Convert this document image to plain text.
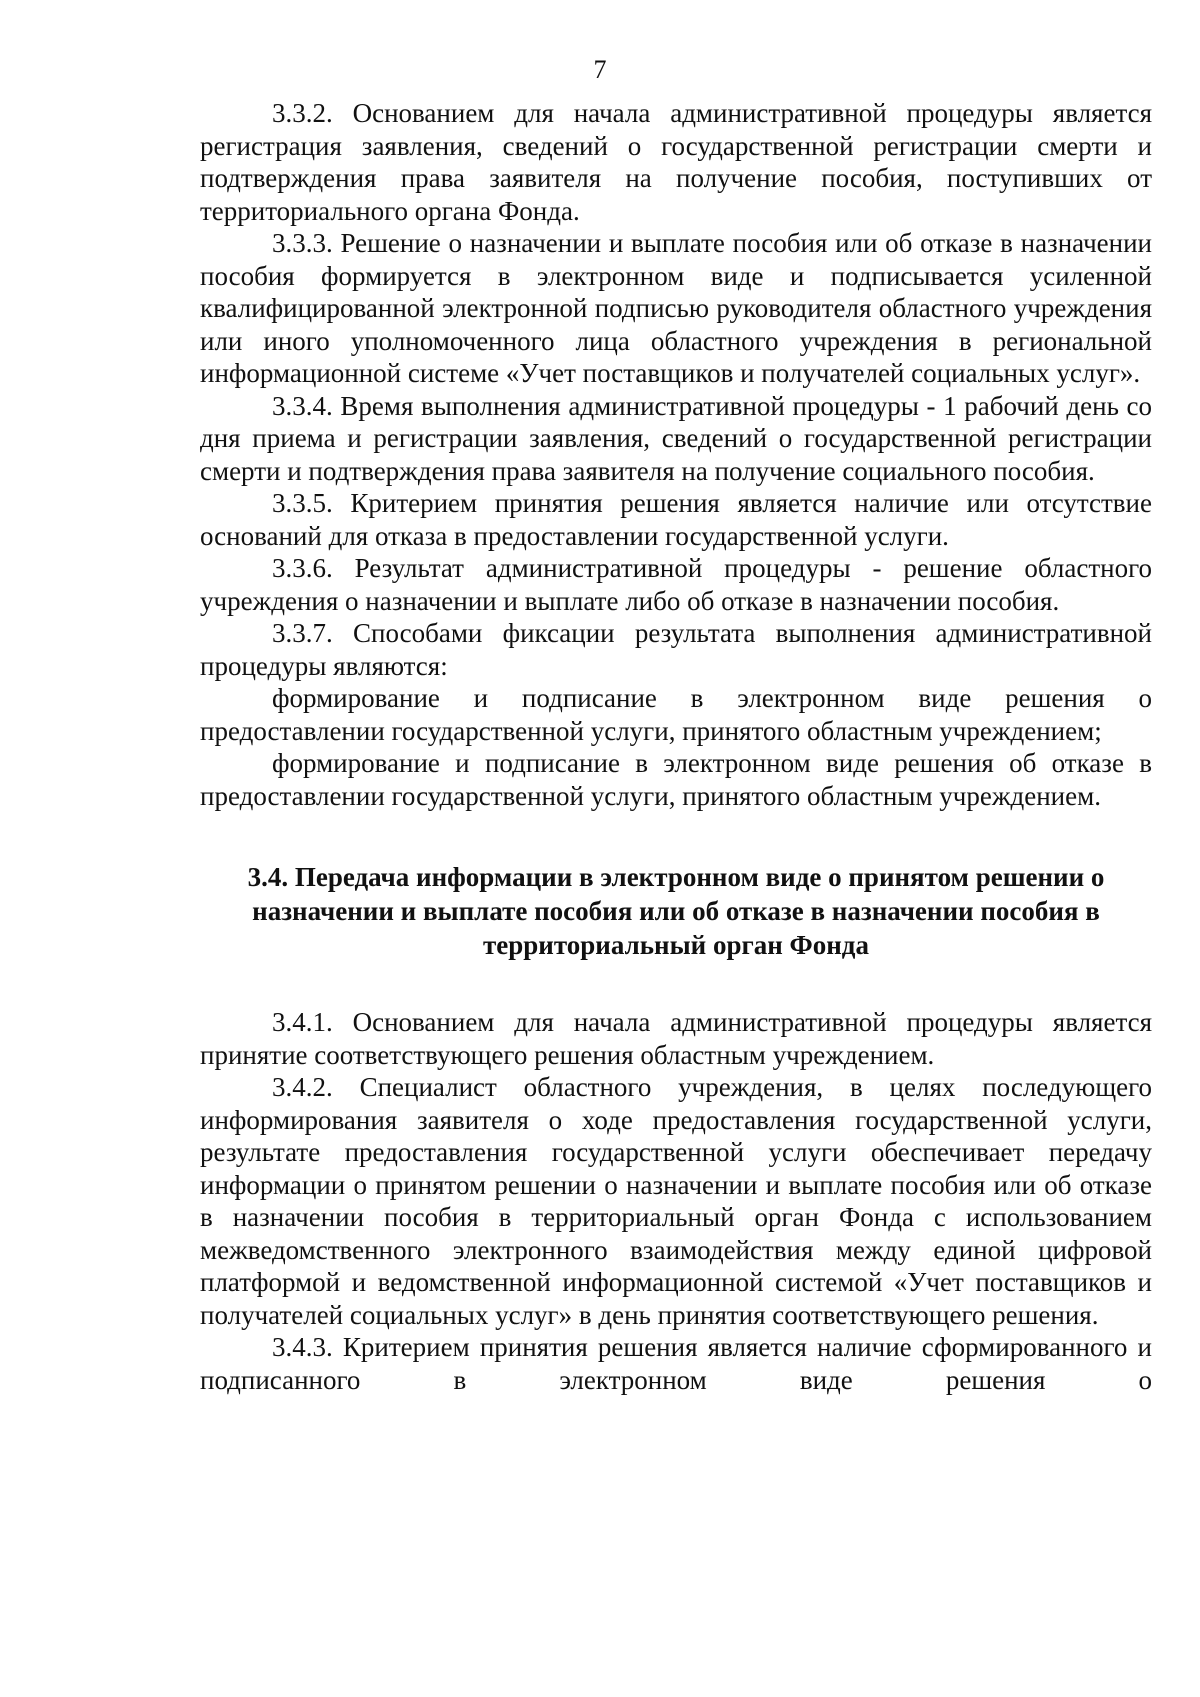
7

3.3.2. Основанием для начала административной процедуры является регистрация заявления, сведений о государственной регистрации смерти и подтверждения права заявителя на получение пособия, поступивших от территориального органа Фонда.

3.3.3. Решение о назначении и выплате пособия или об отказе в назначении пособия формируется в электронном виде и подписывается усиленной квалифицированной электронной подписью руководителя областного учреждения или иного уполномоченного лица областного учреждения в региональной информационной системе «Учет поставщиков и получателей социальных услуг».

3.3.4. Время выполнения административной процедуры - 1 рабочий день со дня приема и регистрации заявления, сведений о государственной регистрации смерти и подтверждения права заявителя на получение социального пособия.

3.3.5. Критерием принятия решения является наличие или отсутствие оснований для отказа в предоставлении государственной услуги.

3.3.6. Результат административной процедуры - решение областного учреждения о назначении и выплате либо об отказе в назначении пособия.

3.3.7. Способами фиксации результата выполнения административной процедуры являются:

формирование и подписание в электронном виде решения о предоставлении государственной услуги, принятого областным учреждением;

формирование и подписание в электронном виде решения об отказе в предоставлении государственной услуги, принятого областным учреждением.

3.4. Передача информации в электронном виде о принятом решении о назначении и выплате пособия или об отказе в назначении пособия в территориальный орган Фонда

3.4.1. Основанием для начала административной процедуры является принятие соответствующего решения областным учреждением.

3.4.2. Специалист областного учреждения, в целях последующего информирования заявителя о ходе предоставления государственной услуги, результате предоставления государственной услуги обеспечивает передачу информации о принятом решении о назначении и выплате пособия или об отказе в назначении пособия в территориальный орган Фонда с использованием межведомственного электронного взаимодействия между единой цифровой платформой и ведомственной информационной системой «Учет поставщиков и получателей социальных услуг» в день принятия соответствующего решения.

3.4.3. Критерием принятия решения является наличие сформированного и подписанного в электронном виде решения о
